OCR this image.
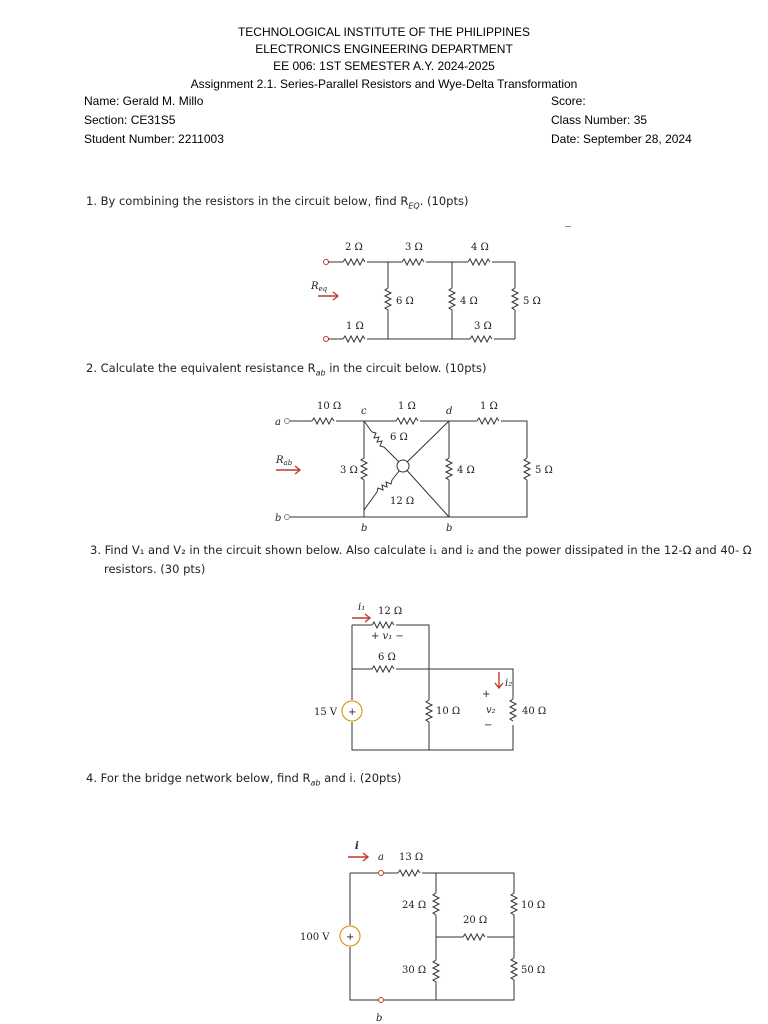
TECHNOLOGICAL INSTITUTE OF THE PHILIPPINES
ELECTRONICS ENGINEERING DEPARTMENT
EE 006: 1ST SEMESTER A.Y. 2024-2025
Assignment 2.1. Series-Parallel Resistors and Wye-Delta Transformation
Name: Gerald M. Millo
Section: CE31S5
Student Number: 2211003
Score:
Class Number: 35
Date: September 28, 2024
1. By combining the resistors in the circuit below, find $R_{EQ}$. (10pts)
2. Calculate the equivalent resistance $R_{ab}$ in the circuit below. (10pts)
3. Find V₁ and V₂ in the circuit shown below. Also calculate i₁ and i₂ and the power dissipated in the 12-Ω and 40- Ω
resistors. (30 pts)
4. For the bridge network below, find $R_{ab}$ and i. (20pts)
2 Ω	3 Ω	4 Ω
6 Ω	4 Ω	5 Ω
1 Ω	3 Ω
$R_{eq}$
a
b
c	d
10 Ω	1 Ω	1 Ω
6 Ω
3 Ω	4 Ω	5 Ω
12 Ω
$R_{ab}$
b	b
+
i₁ 12 Ω
+ v₁ −
6 Ω
15 V	10 Ω
+
v₂
−
40 Ω
i₂
+
i
a
b
13 Ω
24 Ω
20 Ω
10 Ω
30 Ω	50 Ω
100 V
